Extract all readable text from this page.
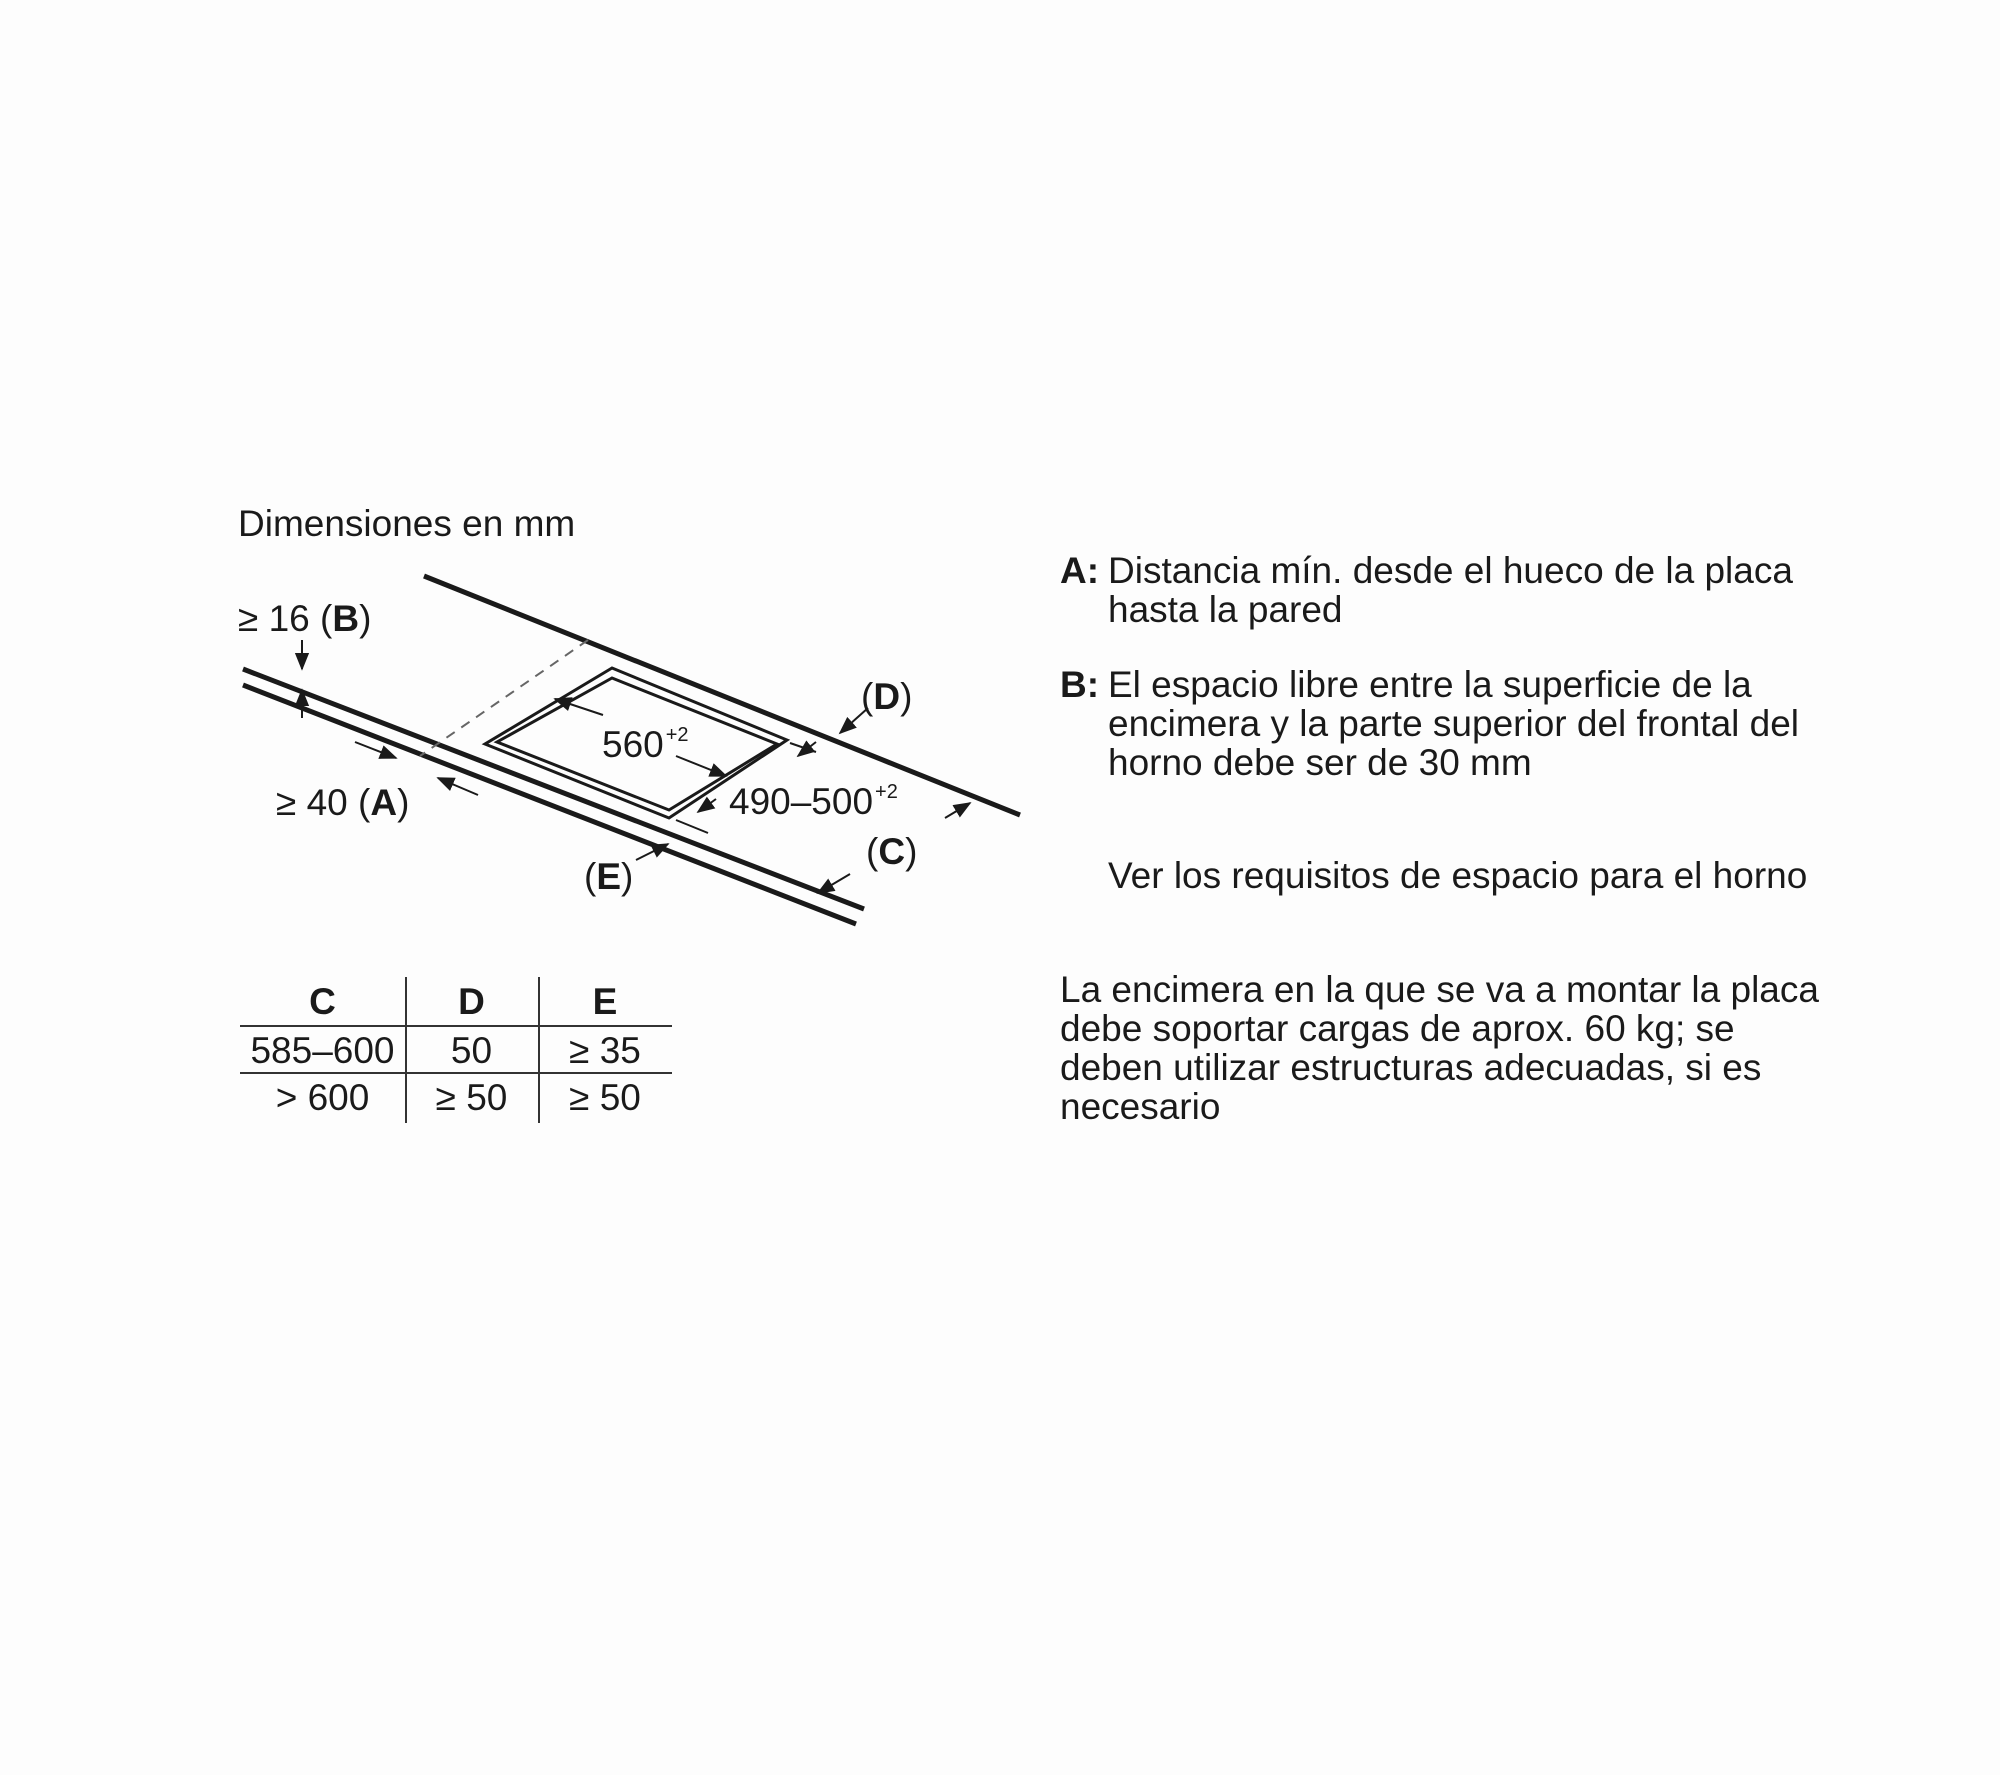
Dimensiones en mm
≥ 16 (B)
≥ 40 (A)
(D)
(C)
(E)
560 $^{+2}$
490–500 $^{+2}$
C	D	E
585–600	50	≥ 35
> 600	≥ 50	≥ 50
A: Distancia mín. desde el hueco de la placa hasta la pared
B: El espacio libre entre la superficie de la encimera y la parte superior del frontal del horno debe ser de 30 mm
Ver los requisitos de espacio para el horno
La encimera en la que se va a montar la placa debe soportar cargas de aprox. 60 kg; se deben utilizar estructuras adecuadas, si es necesario
